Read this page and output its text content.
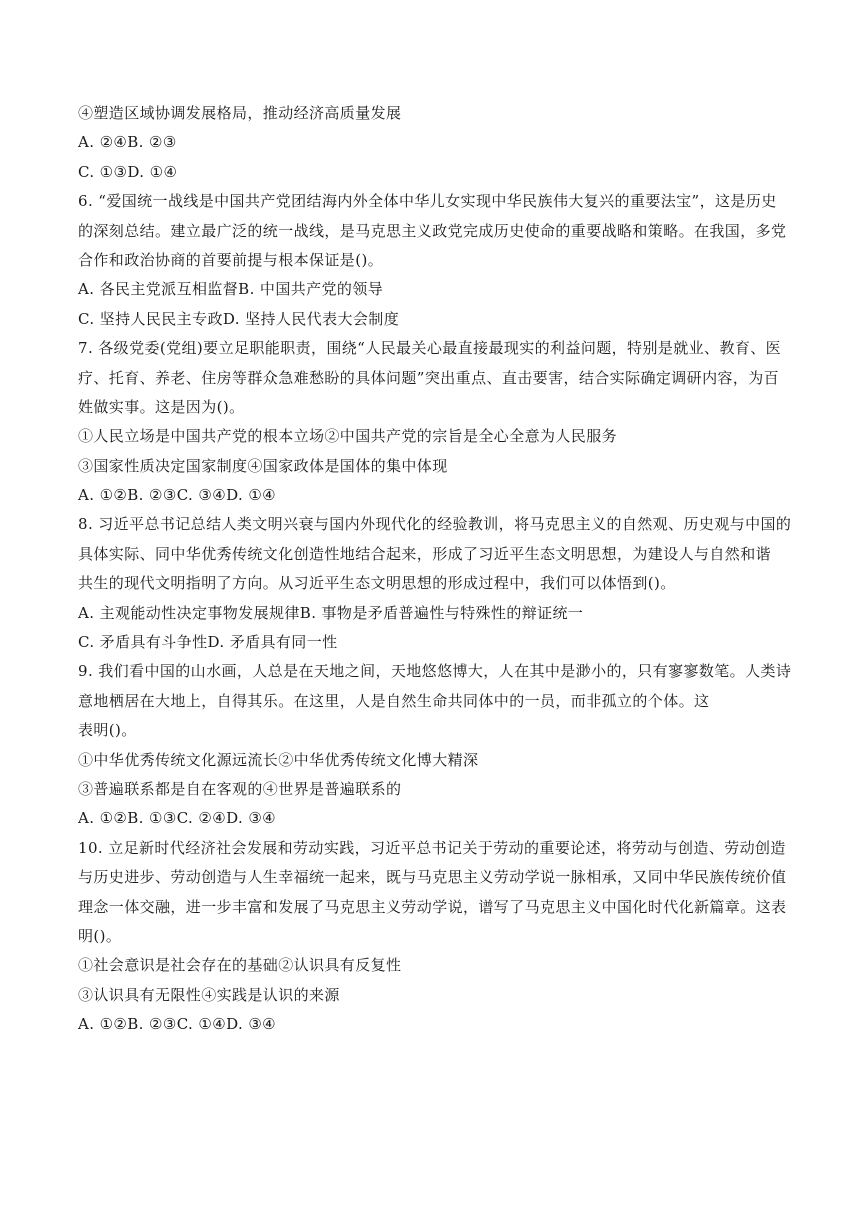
④塑造区域协调发展格局，推动经济高质量发展
A. ②④B. ②③
C. ①③D. ①④
6. “爱国统一战线是中国共产党团结海内外全体中华儿女实现中华民族伟大复兴的重要法宝”，这是历史
的深刻总结。建立最广泛的统一战线，是马克思主义政党完成历史使命的重要战略和策略。在我国，多党
合作和政治协商的首要前提与根本保证是()。
A. 各民主党派互相监督B. 中国共产党的领导
C. 坚持人民民主专政D. 坚持人民代表大会制度
7. 各级党委(党组)要立足职能职责，围绕“人民最关心最直接最现实的利益问题，特别是就业、教育、医
疗、托育、养老、住房等群众急难愁盼的具体问题”突出重点、直击要害，结合实际确定调研内容，为百
姓做实事。这是因为()。
①人民立场是中国共产党的根本立场②中国共产党的宗旨是全心全意为人民服务
③国家性质决定国家制度④国家政体是国体的集中体现
A. ①②B. ②③C. ③④D. ①④
8. 习近平总书记总结人类文明兴衰与国内外现代化的经验教训，将马克思主义的自然观、历史观与中国的
具体实际、同中华优秀传统文化创造性地结合起来，形成了习近平生态文明思想，为建设人与自然和谐
共生的现代文明指明了方向。从习近平生态文明思想的形成过程中，我们可以体悟到()。
A. 主观能动性决定事物发展规律B. 事物是矛盾普遍性与特殊性的辩证统一
C. 矛盾具有斗争性D. 矛盾具有同一性
9. 我们看中国的山水画，人总是在天地之间，天地悠悠博大，人在其中是渺小的，只有寥寥数笔。人类诗
意地栖居在大地上，自得其乐。在这里，人是自然生命共同体中的一员，而非孤立的个体。这
表明()。
①中华优秀传统文化源远流长②中华优秀传统文化博大精深
③普遍联系都是自在客观的④世界是普遍联系的
A. ①②B. ①③C. ②④D. ③④
10. 立足新时代经济社会发展和劳动实践，习近平总书记关于劳动的重要论述，将劳动与创造、劳动创造
与历史进步、劳动创造与人生幸福统一起来，既与马克思主义劳动学说一脉相承，又同中华民族传统价值
理念一体交融，进一步丰富和发展了马克思主义劳动学说，谱写了马克思主义中国化时代化新篇章。这表
明()。
①社会意识是社会存在的基础②认识具有反复性
③认识具有无限性④实践是认识的来源
A. ①②B. ②③C. ①④D. ③④
